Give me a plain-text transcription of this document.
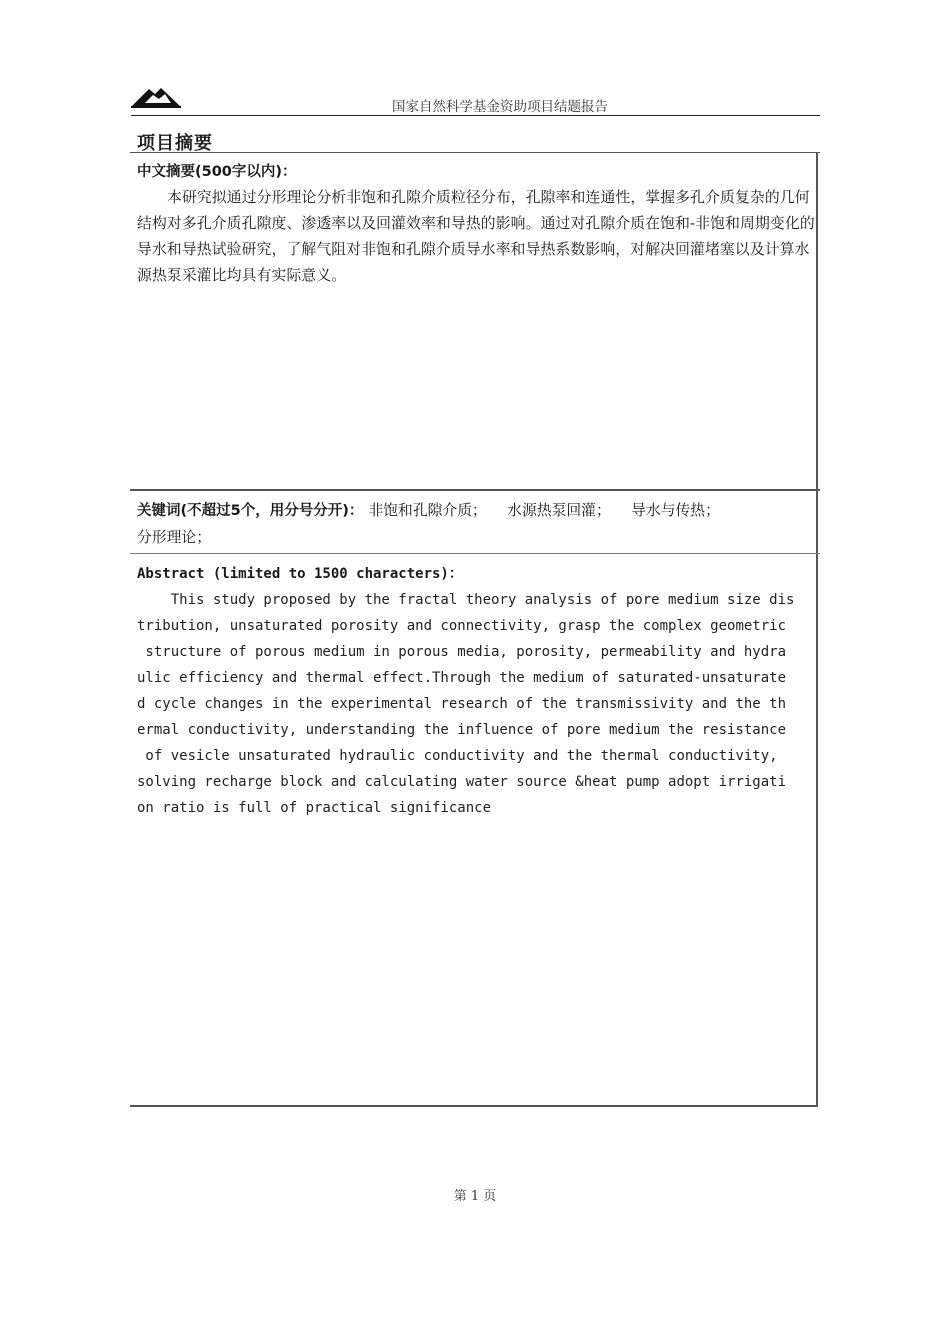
国家自然科学基金资助项目结题报告
项目摘要
中文摘要(500字以内)：
本研究拟通过分形理论分析非饱和孔隙介质粒径分布，孔隙率和连通性，掌握多孔介质复杂的几何结构对多孔介质孔隙度、渗透率以及回灌效率和导热的影响。通过对孔隙介质在饱和-非饱和周期变化的导水和导热试验研究，了解气阻对非饱和孔隙介质导水率和导热系数影响，对解决回灌堵塞以及计算水源热泵采灌比均具有实际意义。
关键词(不超过5个，用分号分开)： 非饱和孔隙介质； 水源热泵回灌； 导水与传热；
分形理论；
Abstract (limited to 1500 characters)：
This study proposed by the fractal theory analysis of pore medium size dis
tribution, unsaturated porosity and connectivity, grasp the complex geometric
structure of porous medium in porous media, porosity, permeability and hydra
ulic efficiency and thermal effect.Through the medium of saturated-unsaturate
d cycle changes in the experimental research of the transmissivity and the th
ermal conductivity, understanding the influence of pore medium the resistance
of vesicle unsaturated hydraulic conductivity and the thermal conductivity,
solving recharge block and calculating water source &heat pump adopt irrigati
on ratio is full of practical significance
第 1 页
